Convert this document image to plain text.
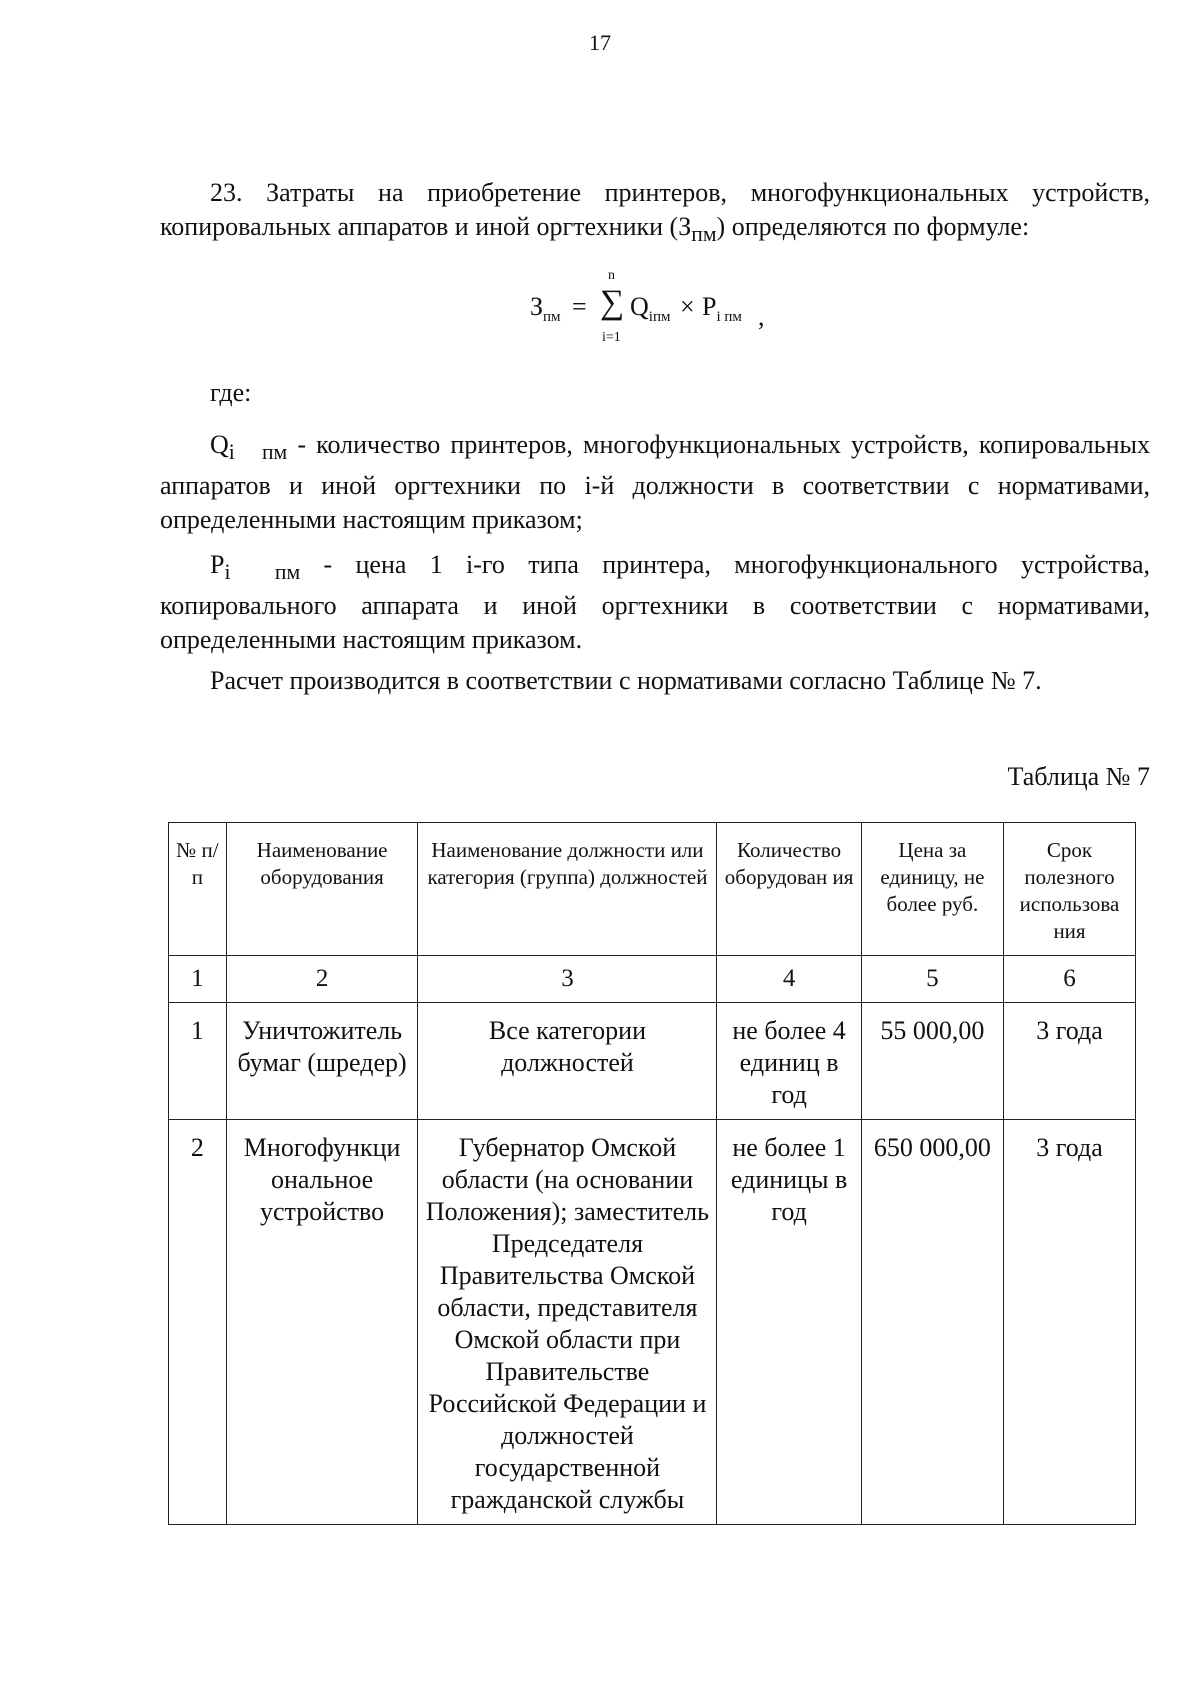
17
23. Затраты на приобретение принтеров, многофункциональных устройств, копировальных аппаратов и иной оргтехники $(З_{пм})$ определяются по формуле:
$З_{пм}$ =
n
∑
i=1
$Q_{iпм} \times P_{i пм}$ ,
где:
$Q_{i пм}$ - количество принтеров, многофункциональных устройств, копировальных аппаратов и иной оргтехники по i-й должности в соответствии с нормативами, определенными настоящим приказом;
$P_{i пм}$ - цена 1 i-го типа принтера, многофункционального устройства, копировального аппарата и иной оргтехники в соответствии с нормативами, определенными настоящим приказом.
Расчет производится в соответствии с нормативами согласно Таблице № 7.
Таблица № 7
№ п/п	Наименование оборудования	Наименование должности или категория (группа) должностей	Количество оборудован ия	Цена за единицу, не более руб.	Срок полезного использова ния
1	2	3	4	5	6
1	Уничтожитель бумаг (шредер)	Все категории должностей	не более 4 единиц в год	55 000,00	3 года
2	Многофункци ональное устройство	Губернатор Омской области (на основании Положения); заместитель Председателя Правительства Омской области, представителя Омской области при Правительстве Российской Федерации и должностей государственной гражданской службы	не более 1 единицы в год	650 000,00	3 года
